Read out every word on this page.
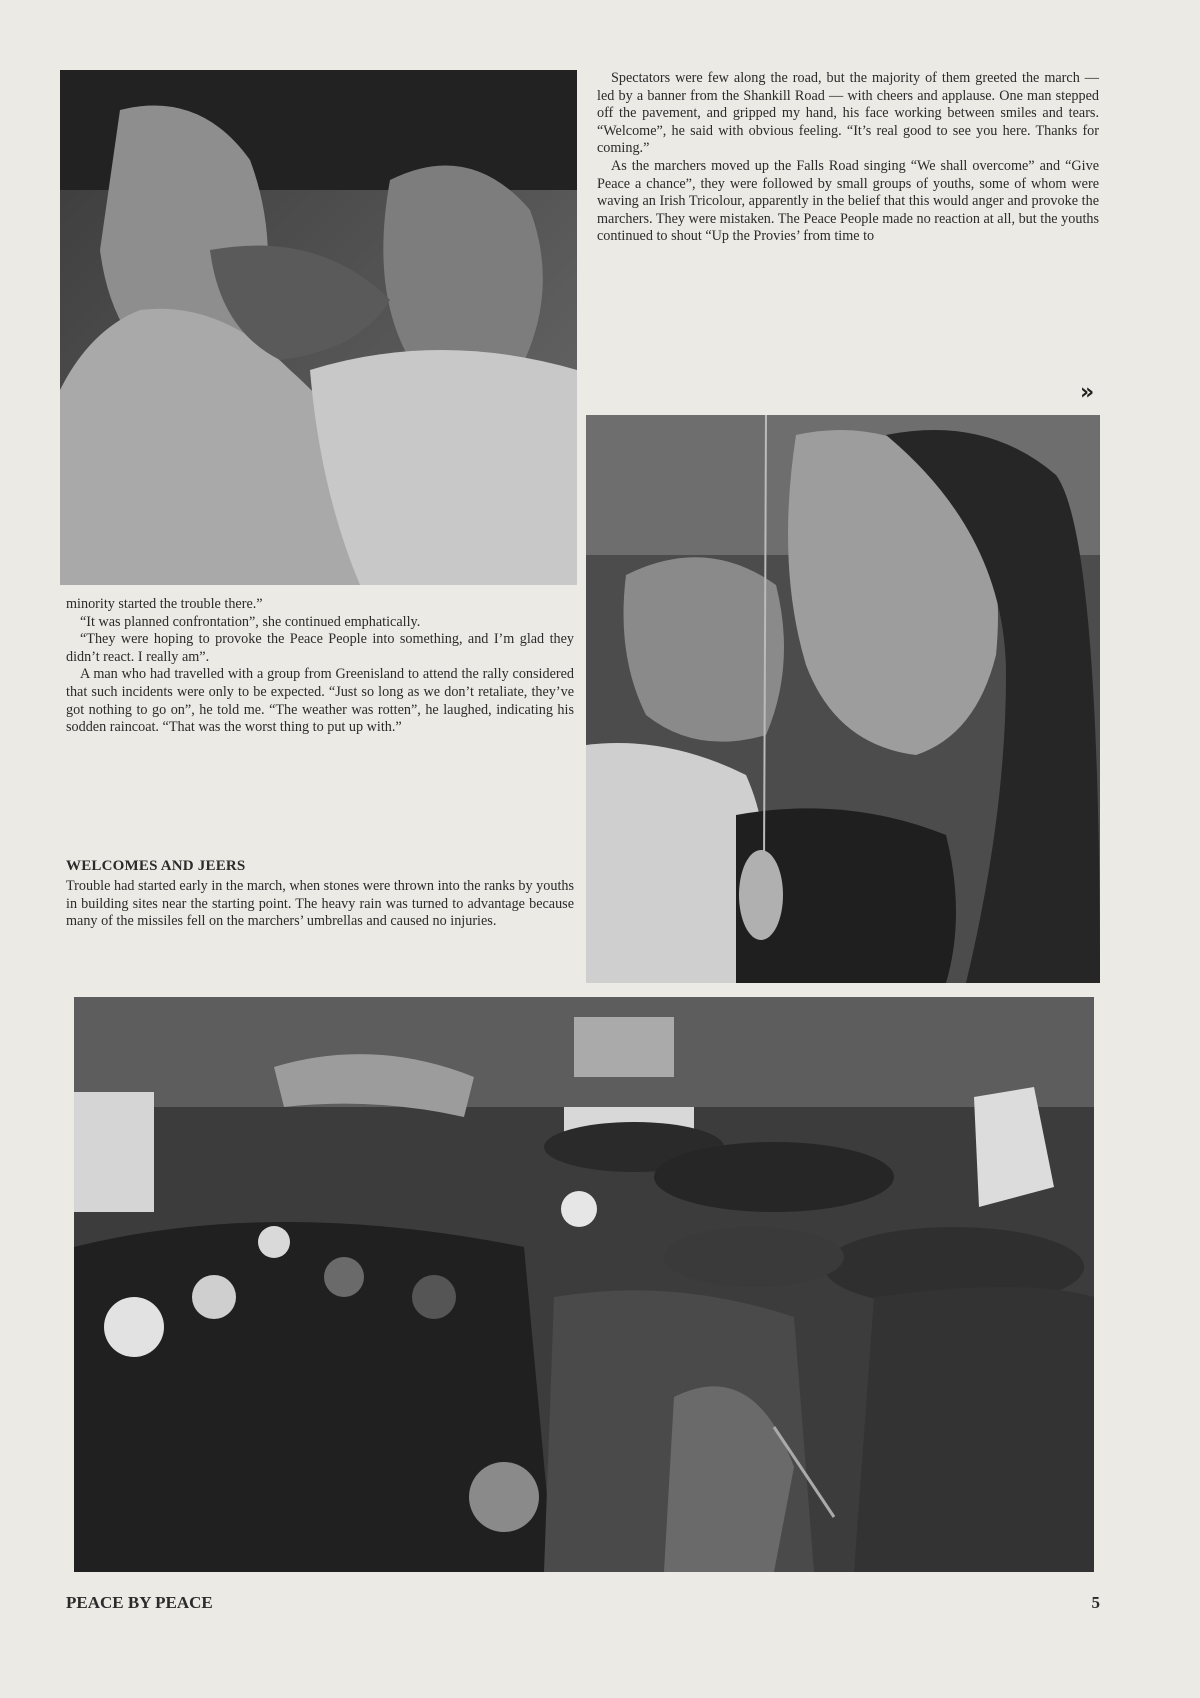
Spectators were few along the road, but the majority of them greeted the march — led by a banner from the Shankill Road — with cheers and applause. One man stepped off the pavement, and gripped my hand, his face working between smiles and tears. “Welcome”, he said with obvious feeling. “It’s real good to see you here. Thanks for coming.”

As the marchers moved up the Falls Road singing “We shall overcome” and “Give Peace a chance”, they were followed by small groups of youths, some of whom were waving an Irish Tricolour, apparently in the belief that this would anger and provoke the marchers. They were mistaken. The Peace People made no reaction at all, but the youths continued to shout “Up the Provies’ from time to

»

minority started the trouble there.”

“It was planned confrontation”, she continued emphatically.

“They were hoping to provoke the Peace People into something, and I’m glad they didn’t react. I really am”.

A man who had travelled with a group from Greenisland to attend the rally considered that such incidents were only to be expected. “Just so long as we don’t retaliate, they’ve got nothing to go on”, he told me. “The weather was rotten”, he laughed, indicating his sodden raincoat. “That was the worst thing to put up with.”

WELCOMES AND JEERS

Trouble had started early in the march, when stones were thrown into the ranks by youths in building sites near the starting point. The heavy rain was turned to advantage because many of the missiles fell on the marchers’ umbrellas and caused no injuries.

PEACE BY PEACE	5
